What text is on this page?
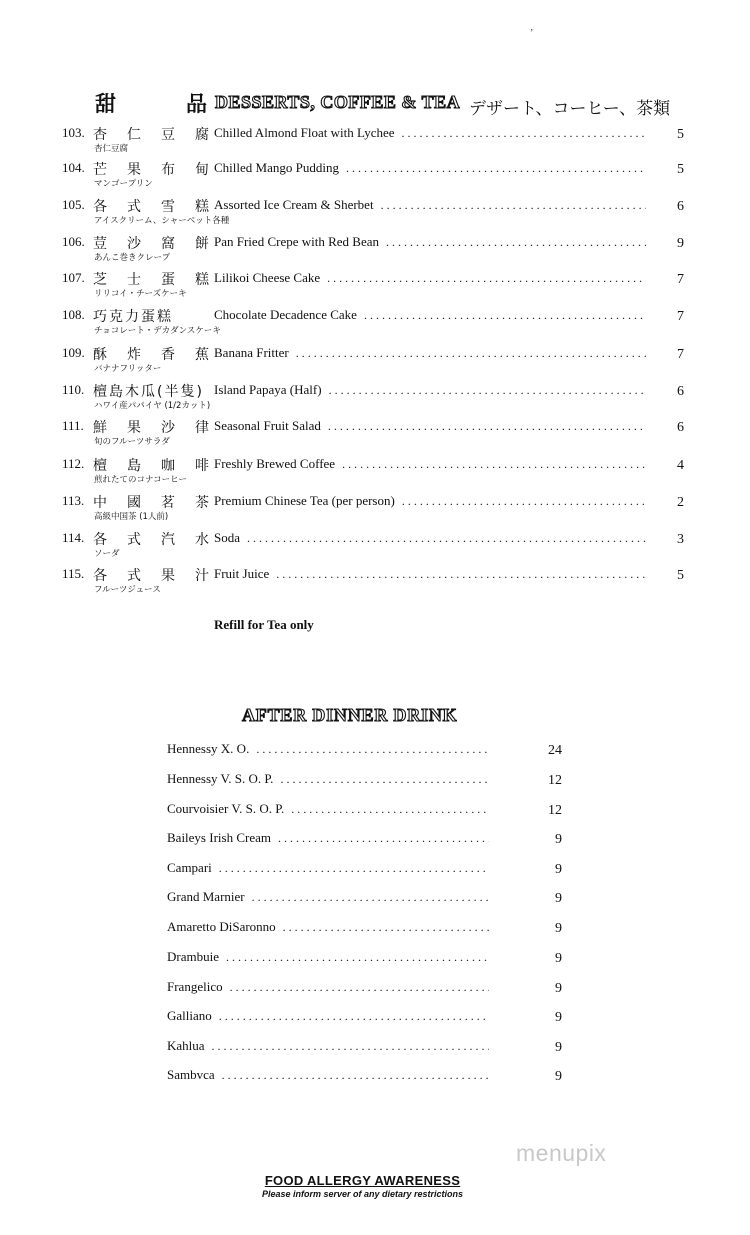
ʼ
甜	品 DESSERTS, COFFEE & TEA デザート、コーヒー、茶類
103. 杏 仁 豆 腐
杏仁豆腐
Chilled Almond Float with Lychee .....	5
104. 芒 果 布 甸
マンゴープリン
Chilled Mango Pudding .....	5
105. 各 式 雪 糕
アイスクリーム、シャーベット各種
Assorted Ice Cream & Sherbet .....	6
106. 荳 沙 窩 餅
あんこ巻きクレープ
Pan Fried Crepe with Red Bean .....	9
107. 芝 士 蛋 糕
リリコイ・チーズケーキ
Lilikoi Cheese Cake .....	7
108. 巧克力蛋糕
チョコレート・デカダンスケーキ
Chocolate Decadence Cake .....	7
109. 酥 炸 香 蕉
バナナフリッター
Banana Fritter .....	7
110. 檀島木瓜(半隻)
ハワイ産パパイヤ (1/2カット)
Island Papaya (Half) .....	6
111. 鮮 果 沙 律
旬のフルーツサラダ
Seasonal Fruit Salad .....	6
112. 檀 島 咖 啡
煎れたてのコナコーヒー
Freshly Brewed Coffee .....	4
113. 中 國 茗 茶
高級中国茶 (1人前)
Premium Chinese Tea (per person) .....	2
114. 各 式 汽 水
ソーダ
Soda .....	3
115. 各 式 果 汁
フルーツジュース
Fruit Juice .....	5
Refill for Tea only
AFTER DINNER DRINK
Hennessy X. O. .....	24
Hennessy V. S. O. P. .....	12
Courvoisier V. S. O. P. .....	12
Baileys Irish Cream .....	9
Campari .....	9
Grand Marnier .....	9
Amaretto DiSaronno .....	9
Drambuie .....	9
Frangelico .....	9
Galliano .....	9
Kahlua .....	9
Sambvca .....	9
menupix
FOOD ALLERGY AWARENESS
Please inform server of any dietary restrictions
